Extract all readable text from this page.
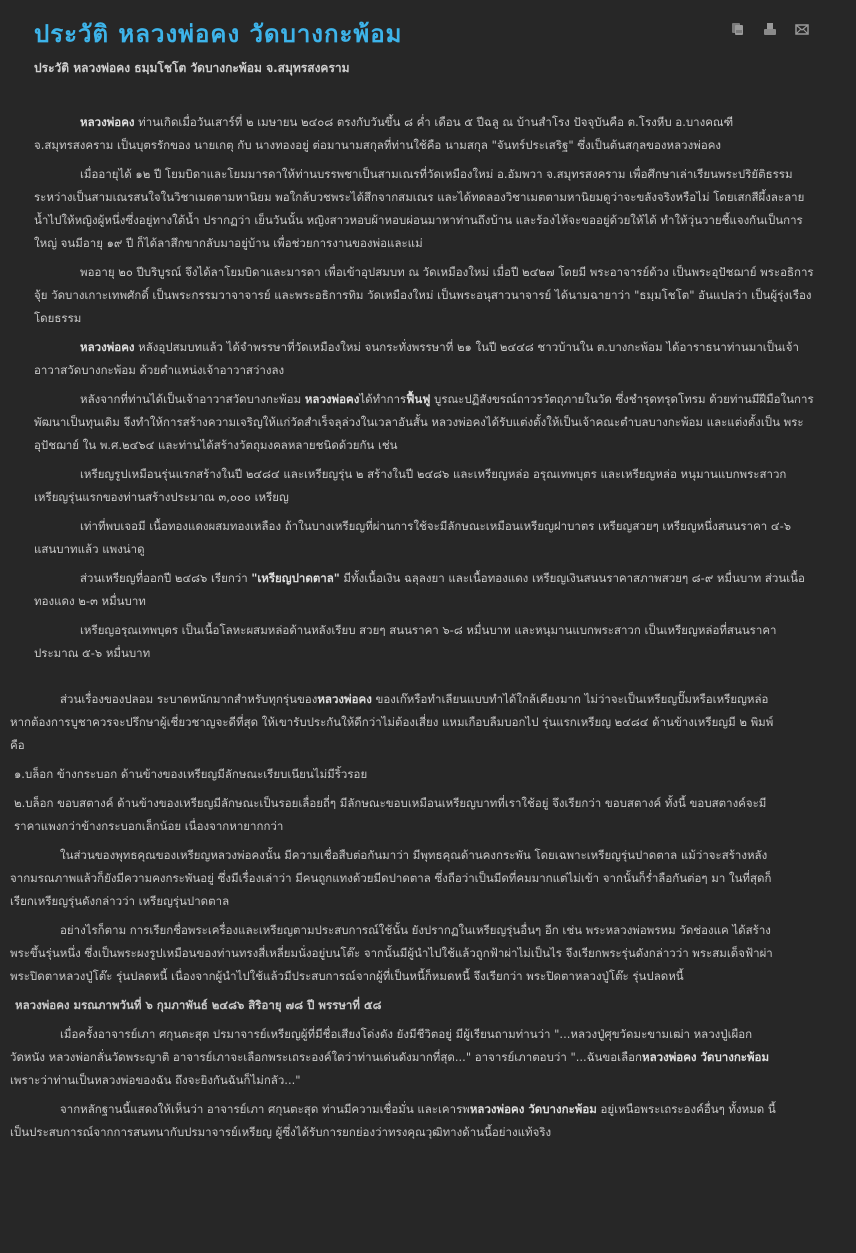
ประวัติ หลวงพ่อคง วัดบางกะพ้อม
ประวัติ หลวงพ่อคง ธมฺมโชโต วัดบางกะพ้อม จ.สมุทรสงคราม

หลวงพ่อคง ท่านเกิดเมื่อวันเสาร์ที่ ๒ เมษายน ๒๔๐๘ ตรงกับวันขึ้น ๘ ค่ำ เดือน ๕ ปีฉลู ณ บ้านสำโรง ปัจจุบันคือ ต.โรงหีบ อ.บางคณฑี จ.สมุทรสงคราม เป็นบุตรรักของ นายเกตุ กับ นางทองอยู่ ต่อมานามสกุลที่ท่านใช้คือ นามสกุล "จันทร์ประเสริฐ" ซึ่งเป็นต้นสกุลของหลวงพ่อคง

เมื่ออายุได้ ๑๒ ปี โยมบิดาและโยมมารดาให้ท่านบรรพชาเป็นสามเณรที่วัดเหมืองใหม่ อ.อัมพวา จ.สมุทรสงคราม เพื่อศึกษาเล่าเรียนพระปริยัติธรรม ระหว่างเป็นสามเณรสนใจในวิชาเมตตามหานิยม พอใกล้บวชพระได้สึกจากสมเณร และได้ทดลองวิชาเมตตามหานิยมดูว่าจะขลังจริงหรือไม่ โดยเสกสีผึ้งละลายน้ำไปให้หญิงผู้หนึ่งซึ่งอยู่ทางใต้น้ำ ปรากฏว่า เย็นวันนั้น หญิงสาวหอบผ้าหอบผ่อนมาหาท่านถึงบ้าน และร้องไห้จะขออยู่ด้วยให้ได้ ทำให้วุ่นวายชี้แจงกันเป็นการใหญ่ จนมีอายุ ๑๙ ปี ก็ได้ลาสึกขากลับมาอยู่บ้าน เพื่อช่วยการงานของพ่อและแม่

พออายุ ๒๐ ปีบริบูรณ์ จึงได้ลาโยมบิดาและมารดา เพื่อเข้าอุปสมบท ณ วัดเหมืองใหม่ เมื่อปี ๒๔๒๗ โดยมี พระอาจารย์ด้วง เป็นพระอุปัชฌาย์ พระอธิการจุ้ย วัดบางเกาะเทพศักดิ์ เป็นพระกรรมวาจาจารย์ และพระอธิการทิม วัดเหมืองใหม่ เป็นพระอนุสาวนาจารย์ ได้นามฉายาว่า "ธมฺมโชโต" อันแปลว่า เป็นผู้รุ่งเรืองโดยธรรม

หลวงพ่อคง หลังอุปสมบทแล้ว ได้จำพรรษาที่วัดเหมืองใหม่ จนกระทั่งพรรษาที่ ๒๑ ในปี ๒๔๔๘ ชาวบ้านใน ต.บางกะพ้อม ได้อาราธนาท่านมาเป็นเจ้าอาวาสวัดบางกะพ้อม ด้วยตำแหน่งเจ้าอาวาสว่างลง

หลังจากที่ท่านได้เป็นเจ้าอาวาสวัดบางกะพ้อม หลวงพ่อคงได้ทำการฟื้นฟู บูรณะปฏิสังขรณ์ถาวรวัตถุภายในวัด ซึ่งชำรุดทรุดโทรม ด้วยท่านมีฝีมือในการพัฒนาเป็นทุนเดิม จึงทำให้การสร้างความเจริญให้แก่วัดสำเร็จลุล่วงในเวลาอันสั้น หลวงพ่อคงได้รับแต่งตั้งให้เป็นเจ้าคณะตำบลบางกะพ้อม และแต่งตั้งเป็น พระอุปัชฌาย์ ใน พ.ศ.๒๔๖๔ และท่านได้สร้างวัตถุมงคลหลายชนิดด้วยกัน เช่น

เหรียญรูปเหมือนรุ่นแรกสร้างในปี ๒๔๘๔ และเหรียญรุ่น ๒ สร้างในปี ๒๔๘๖ และเหรียญหล่อ อรุณเทพบุตร และเหรียญหล่อ หนุมานแบกพระสาวก เหรียญรุ่นแรกของท่านสร้างประมาณ ๓,๐๐๐ เหรียญ

เท่าที่พบเจอมี เนื้อทองแดงผสมทองเหลือง ถ้าในบางเหรียญที่ผ่านการใช้จะมีลักษณะเหมือนเหรียญฝาบาตร เหรียญสวยๆ เหรียญหนึ่งสนนราคา ๔-๖ แสนบาทแล้ว แพงน่าดู

ส่วนเหรียญที่ออกปี ๒๔๘๖ เรียกว่า "เหรียญปาดตาล" มีทั้งเนื้อเงิน ฉลุลงยา และเนื้อทองแดง เหรียญเงินสนนราคาสภาพสวยๆ ๘-๙ หมื่นบาท ส่วนเนื้อทองแดง ๒-๓ หมื่นบาท

เหรียญอรุณเทพบุตร เป็นเนื้อโลหะผสมหล่อด้านหลังเรียบ สวยๆ สนนราคา ๖-๘ หมื่นบาท และหนุมานแบกพระสาวก เป็นเหรียญหล่อที่สนนราคาประมาณ ๕-๖ หมื่นบาท

ส่วนเรื่องของปลอม ระบาดหนักมากสำหรับทุกรุ่นของหลวงพ่อคง ของเก๊หรือทำเลียนแบบทำได้ใกล้เคียงมาก ไม่ว่าจะเป็นเหรียญปั๊มหรือเหรียญหล่อ หากต้องการบูชาควรจะปรึกษาผู้เชี่ยวชาญจะดีที่สุด ให้เขารับประกันให้ดีกว่าไม่ต้องเสี่ยง แหมเกือบลืมบอกไป รุ่นแรกเหรียญ ๒๔๘๔ ด้านข้างเหรียญมี ๒ พิมพ์ คือ

๑.บล็อก ข้างกระบอก ด้านข้างของเหรียญมีลักษณะเรียบเนียนไม่มีริ้วรอย

๒.บล็อก ขอบสตางค์ ด้านข้างของเหรียญมีลักษณะเป็นรอยเลื่อยถี่ๆ มีลักษณะขอบเหมือนเหรียญบาทที่เราใช้อยู่ จึงเรียกว่า ขอบสตางค์ ทั้งนี้ ขอบสตางค์จะมีราคาแพงกว่าข้างกระบอกเล็กน้อย เนื่องจากหายากกว่า

ในส่วนของพุทธคุณของเหรียญหลวงพ่อคงนั้น มีความเชื่อสืบต่อกันมาว่า มีพุทธคุณด้านคงกระพัน โดยเฉพาะเหรียญรุ่นปาดตาล แม้ว่าจะสร้างหลังจากมรณภาพแล้วก็ยังมีความคงกระพันอยู่ ซึ่งมีเรื่องเล่าว่า มีคนถูกแทงด้วยมีดปาดตาล ซึ่งถือว่าเป็นมีดที่คมมากแต่ไม่เข้า จากนั้นก็ร่ำลือกันต่อๆ มา ในที่สุดก็เรียกเหรียญรุ่นดังกล่าวว่า เหรียญรุ่นปาดตาล

อย่างไรก็ตาม การเรียกชื่อพระเครื่องและเหรียญตามประสบการณ์ใช้นั้น ยังปรากฏในเหรียญรุ่นอื่นๆ อีก เช่น พระหลวงพ่อพรหม วัดช่องแค ได้สร้างพระขึ้นรุ่นหนึ่ง ซึ่งเป็นพระผงรูปเหมือนของท่านทรงสี่เหลี่ยมนั่งอยู่บนโต๊ะ จากนั้นมีผู้นำไปใช้แล้วถูกฟ้าผ่าไม่เป็นไร จึงเรียกพระรุ่นดังกล่าวว่า พระสมเด็จฟ้าผ่า พระปิดตาหลวงปู่โต๊ะ รุ่นปลดหนี้ เนื่องจากผู้นำไปใช้แล้วมีประสบการณ์จากผู้ที่เป็นหนี้ก็หมดหนี้ จึงเรียกว่า พระปิดตาหลวงปู่โต๊ะ รุ่นปลดหนี้

หลวงพ่อคง มรณภาพวันที่ ๖ กุมภาพันธ์ ๒๔๘๖ สิริอายุ ๗๘ ปี พรรษาที่ ๕๘

เมื่อครั้งอาจารย์เภา ศกุนตะสุต ปรมาจารย์เหรียญผู้ที่มีชื่อเสียงโด่งดัง ยังมีชีวิตอยู่ มีผู้เรียนถามท่านว่า "...หลวงปู่ศุขวัดมะขามเฒ่า หลวงปู่เผือกวัดหนัง หลวงพ่อกลั่นวัดพระญาติ อาจารย์เภาจะเลือกพระเถระองค์ใดว่าท่านเด่นดังมากที่สุด..." อาจารย์เภาตอบว่า "...ฉันขอเลือกหลวงพ่อคง วัดบางกะพ้อม เพราะว่าท่านเป็นหลวงพ่อของฉัน ถึงจะยิงกันฉันก็ไม่กลัว..."

จากหลักฐานนี้แสดงให้เห็นว่า อาจารย์เภา ศกุนตะสุด ท่านมีความเชื่อมั่น และเคารพหลวงพ่อคง วัดบางกะพ้อม อยู่เหนือพระเถระองค์อื่นๆ ทั้งหมด นี้เป็นประสบการณ์จากการสนทนากับปรมาจารย์เหรียญ ผู้ซึ่งได้รับการยกย่องว่าทรงคุณวุฒิทางด้านนี้อย่างแท้จริง
